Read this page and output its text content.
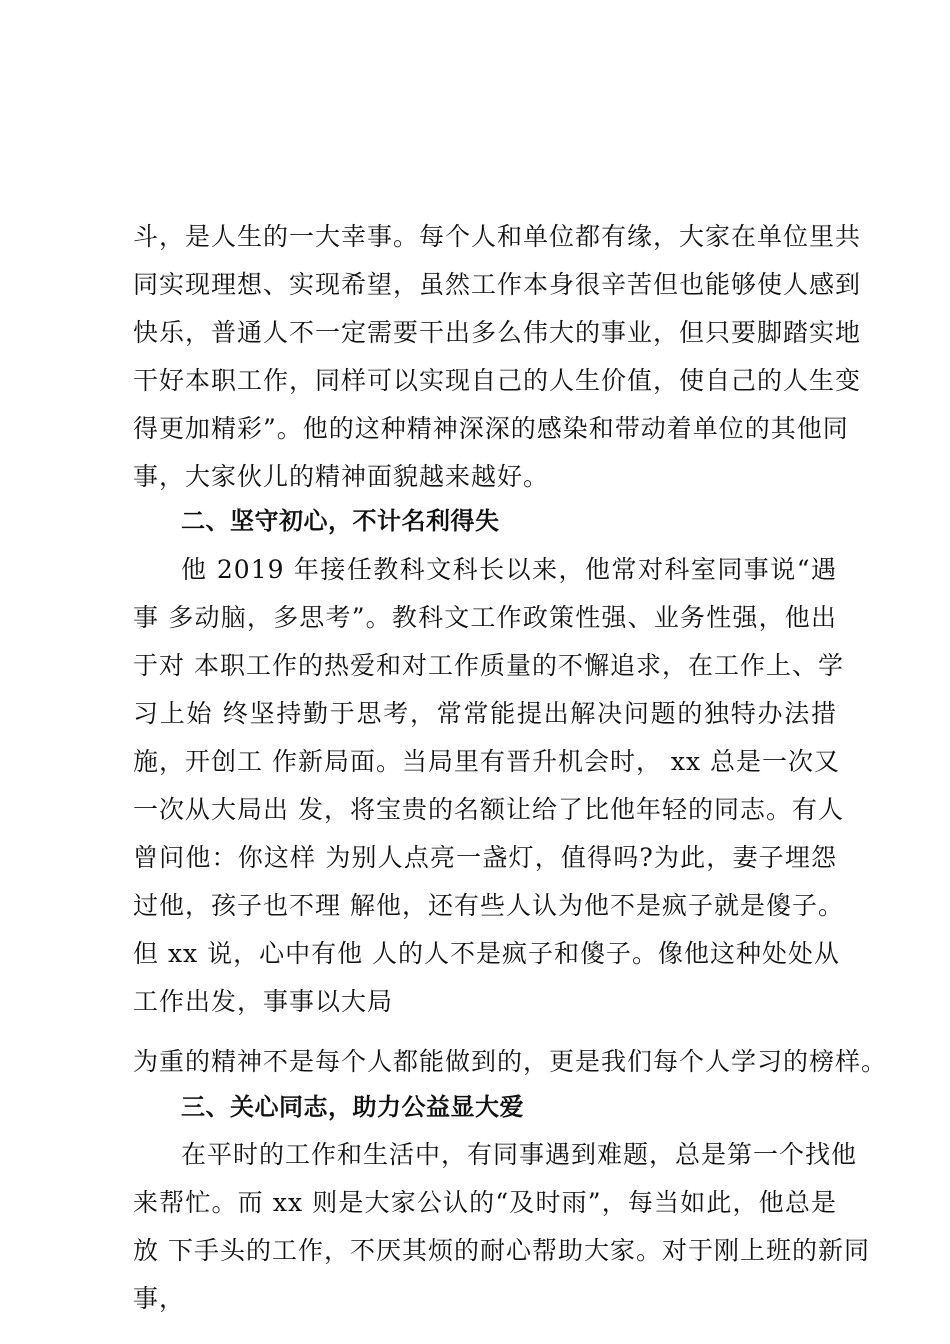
斗，是人生的一大幸事。每个人和单位都有缘，大家在单位里共

同实现理想、实现希望，虽然工作本身很辛苦但也能够使人感到

快乐，普通人不一定需要干出多么伟大的事业，但只要脚踏实地

干好本职工作，同样可以实现自己的人生价值，使自己的人生变

得更加精彩”。他的这种精神深深的感染和带动着单位的其他同

事，大家伙儿的精神面貌越来越好。

二、坚守初心，不计名利得失

他 2019 年接任教科文科长以来，他常对科室同事说“遇

事 多动脑，多思考”。教科文工作政策性强、业务性强，他出

于对 本职工作的热爱和对工作质量的不懈追求，在工作上、学

习上始 终坚持勤于思考，常常能提出解决问题的独特办法措

施，开创工 作新局面。当局里有晋升机会时， xx 总是一次又

一次从大局出 发，将宝贵的名额让给了比他年轻的同志。有人

曾问他：你这样 为别人点亮一盏灯，值得吗?为此，妻子埋怨

过他，孩子也不理 解他，还有些人认为他不是疯子就是傻子。

但 xx 说，心中有他 人的人不是疯子和傻子。像他这种处处从

工作出发，事事以大局

为重的精神不是每个人都能做到的，更是我们每个人学习的榜样。

三、关心同志，助力公益显大爱

在平时的工作和生活中，有同事遇到难题，总是第一个找他

来帮忙。而 xx 则是大家公认的“及时雨”，每当如此，他总是

放 下手头的工作，不厌其烦的耐心帮助大家。对于刚上班的新同

事，
